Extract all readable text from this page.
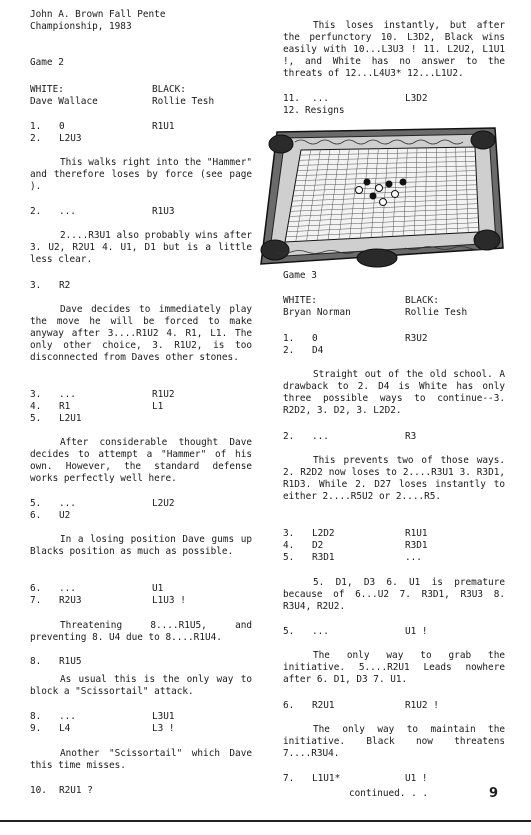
John A. Brown Fall Pente
Championship, 1983
Game 2
WHITE:	BLACK:
Dave Wallace	Rollie Tesh
1. 0	R1U1
2. L2U3
This walks right into the "Hammer" and therefore loses by force (see page ).
2. ...	R1U3
2....R3U1 also probably wins after 3. U2, R2U1 4. U1, D1 but is a little less clear.
3. R2
Dave decides to immediately play the move he will be forced to make anyway after 3....R1U2 4. R1, L1. The only other choice, 3. R1U2, is too disconnected from Daves other stones.
3. ...	R1U2
4. R1	L1
5. L2U1
After considerable thought Dave decides to attempt a "Hammer" of his own. However, the standard defense works perfectly well here.
5. ...	L2U2
6. U2
In a losing position Dave gums up Blacks position as much as possible.
6. ...	U1
7. R2U3	L1U3 !
Threatening 8....R1U5, and preventing 8. U4 due to 8....R1U4.
8. R1U5
As usual this is the only way to block a "Scissortail" attack.
8. ...	L3U1
9. L4	L3 !
Another "Scissortail" which Dave this time misses.
10. R2U1 ?
This loses instantly, but after the perfunctory 10. L3D2, Black wins easily with 10...L3U3 ! 11. L2U2, L1U1 !, and White has no answer to the threats of 12...L4U3* 12...L1U2.
11. ...	L3D2
12. Resigns
Game 3
WHITE:	BLACK:
Bryan Norman	Rollie Tesh
1. 0	R3U2
2. D4
Straight out of the old school. A drawback to 2. D4 is White has only three possible ways to continue--3. R2D2, 3. D2, 3. L2D2.
2. ...	R3
This prevents two of those ways. 2. R2D2 now loses to 2....R3U1 3. R3D1, R1D3. While 2. D27 loses instantly to either 2....R5U2 or 2....R5.
3. L2D2	R1U1
4. D2	R3D1
5. R3D1	...
5. D1, D3 6. U1 is premature because of 6...U2 7. R3D1, R3U3 8. R3U4, R2U2.
5. ...	U1 !
The only way to grab the initiative. 5....R2U1 Leads nowhere after 6. D1, D3 7. U1.
6. R2U1	R1U2 !
The only way to maintain the initiative. Black now threatens 7....R3U4.
7. L1U1*	U1 !
continued. . .	9
